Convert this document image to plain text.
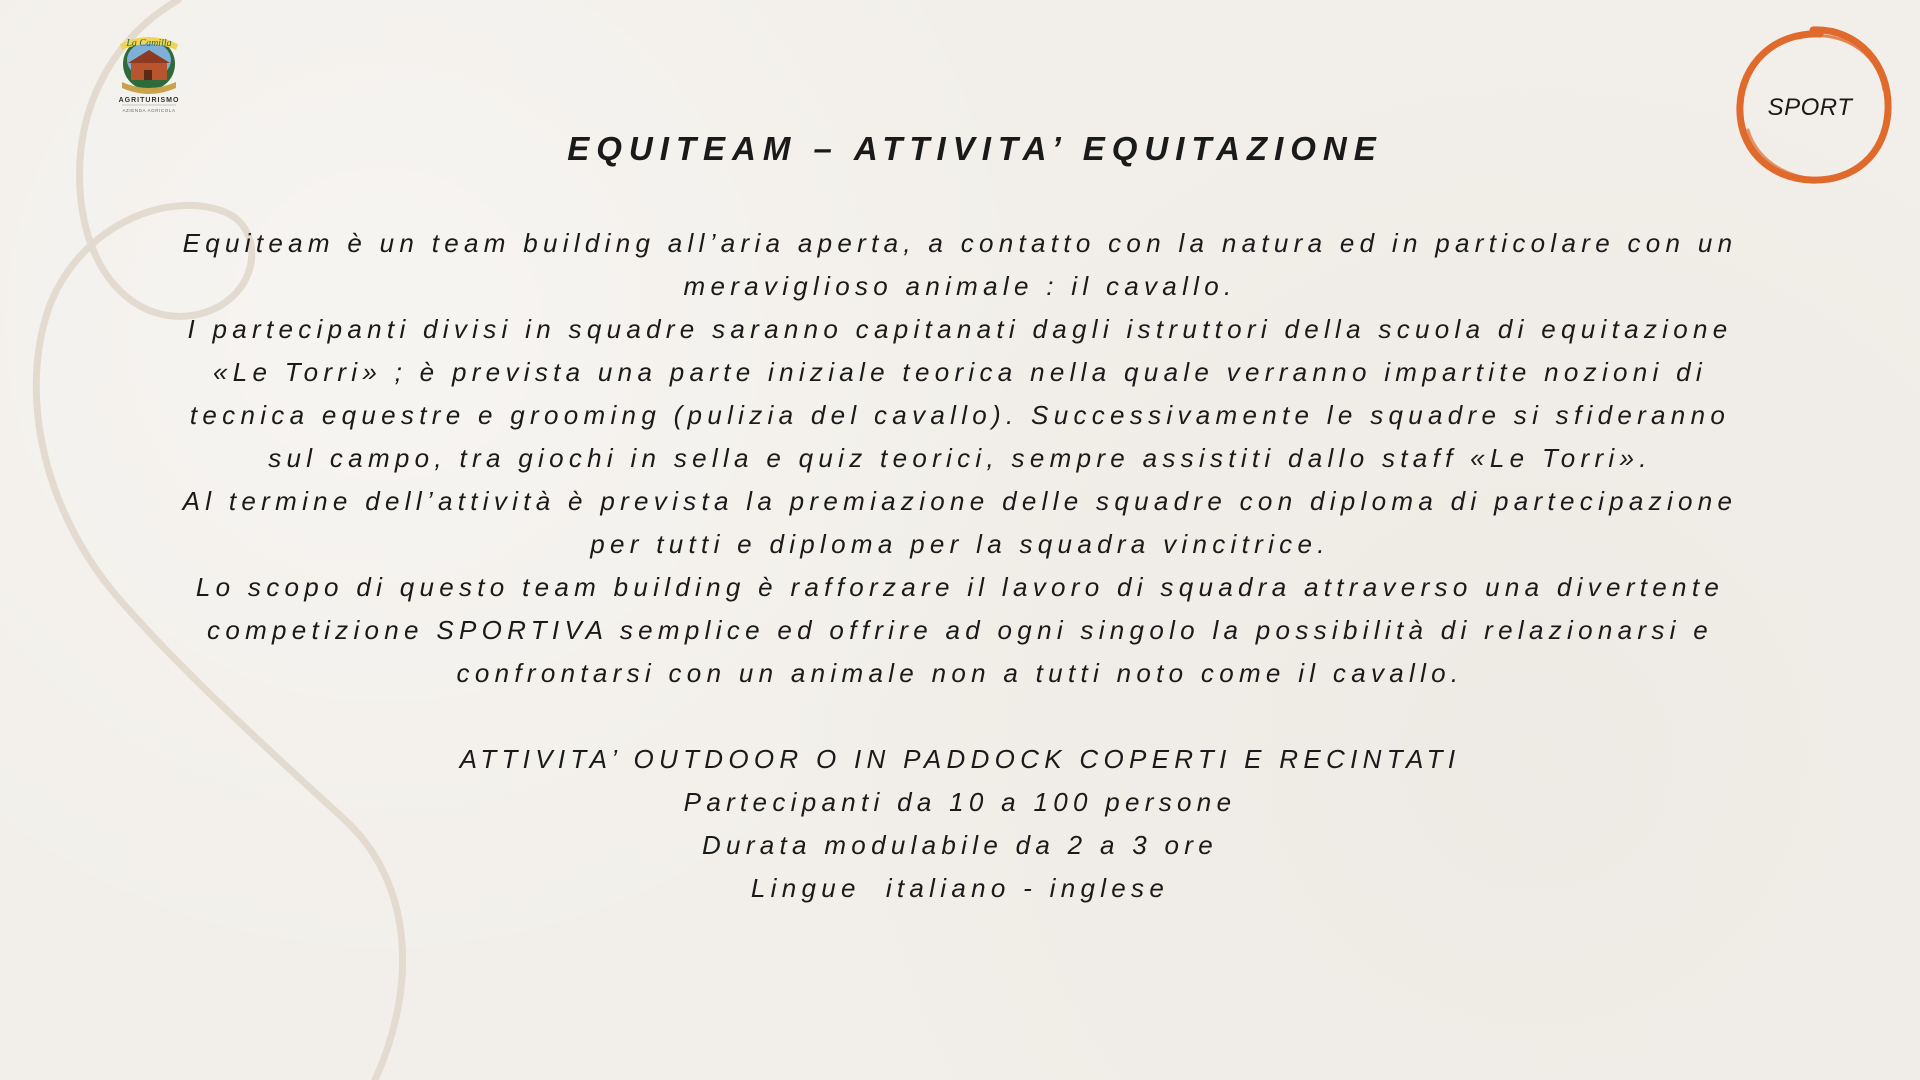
La Camilla
AGRITURISMO
AZIENDA AGRICOLA	SPORT
EQUITEAM – ATTIVITA’ EQUITAZIONE

Equiteam è un team building all’aria aperta, a contatto con la natura ed in particolare con un meraviglioso animale : il cavallo.

I partecipanti divisi in squadre saranno capitanati dagli istruttori della scuola di equitazione «Le Torri» ; è prevista una parte iniziale teorica nella quale verranno impartite nozioni di tecnica equestre e grooming (pulizia del cavallo). Successivamente le squadre si sfideranno sul campo, tra giochi in sella e quiz teorici, sempre assistiti dallo staff «Le Torri».

Al termine dell’attività è prevista la premiazione delle squadre con diploma di partecipazione per tutti e diploma per la squadra vincitrice.

Lo scopo di questo team building è rafforzare il lavoro di squadra attraverso una divertente competizione SPORTIVA semplice ed offrire ad ogni singolo la possibilità di relazionarsi e confrontarsi con un animale non a tutti noto come il cavallo.

ATTIVITA’ OUTDOOR O IN PADDOCK COPERTI E RECINTATI

Partecipanti da 10 a 100 persone

Durata modulabile da 2 a 3 ore

Lingue  italiano - inglese
